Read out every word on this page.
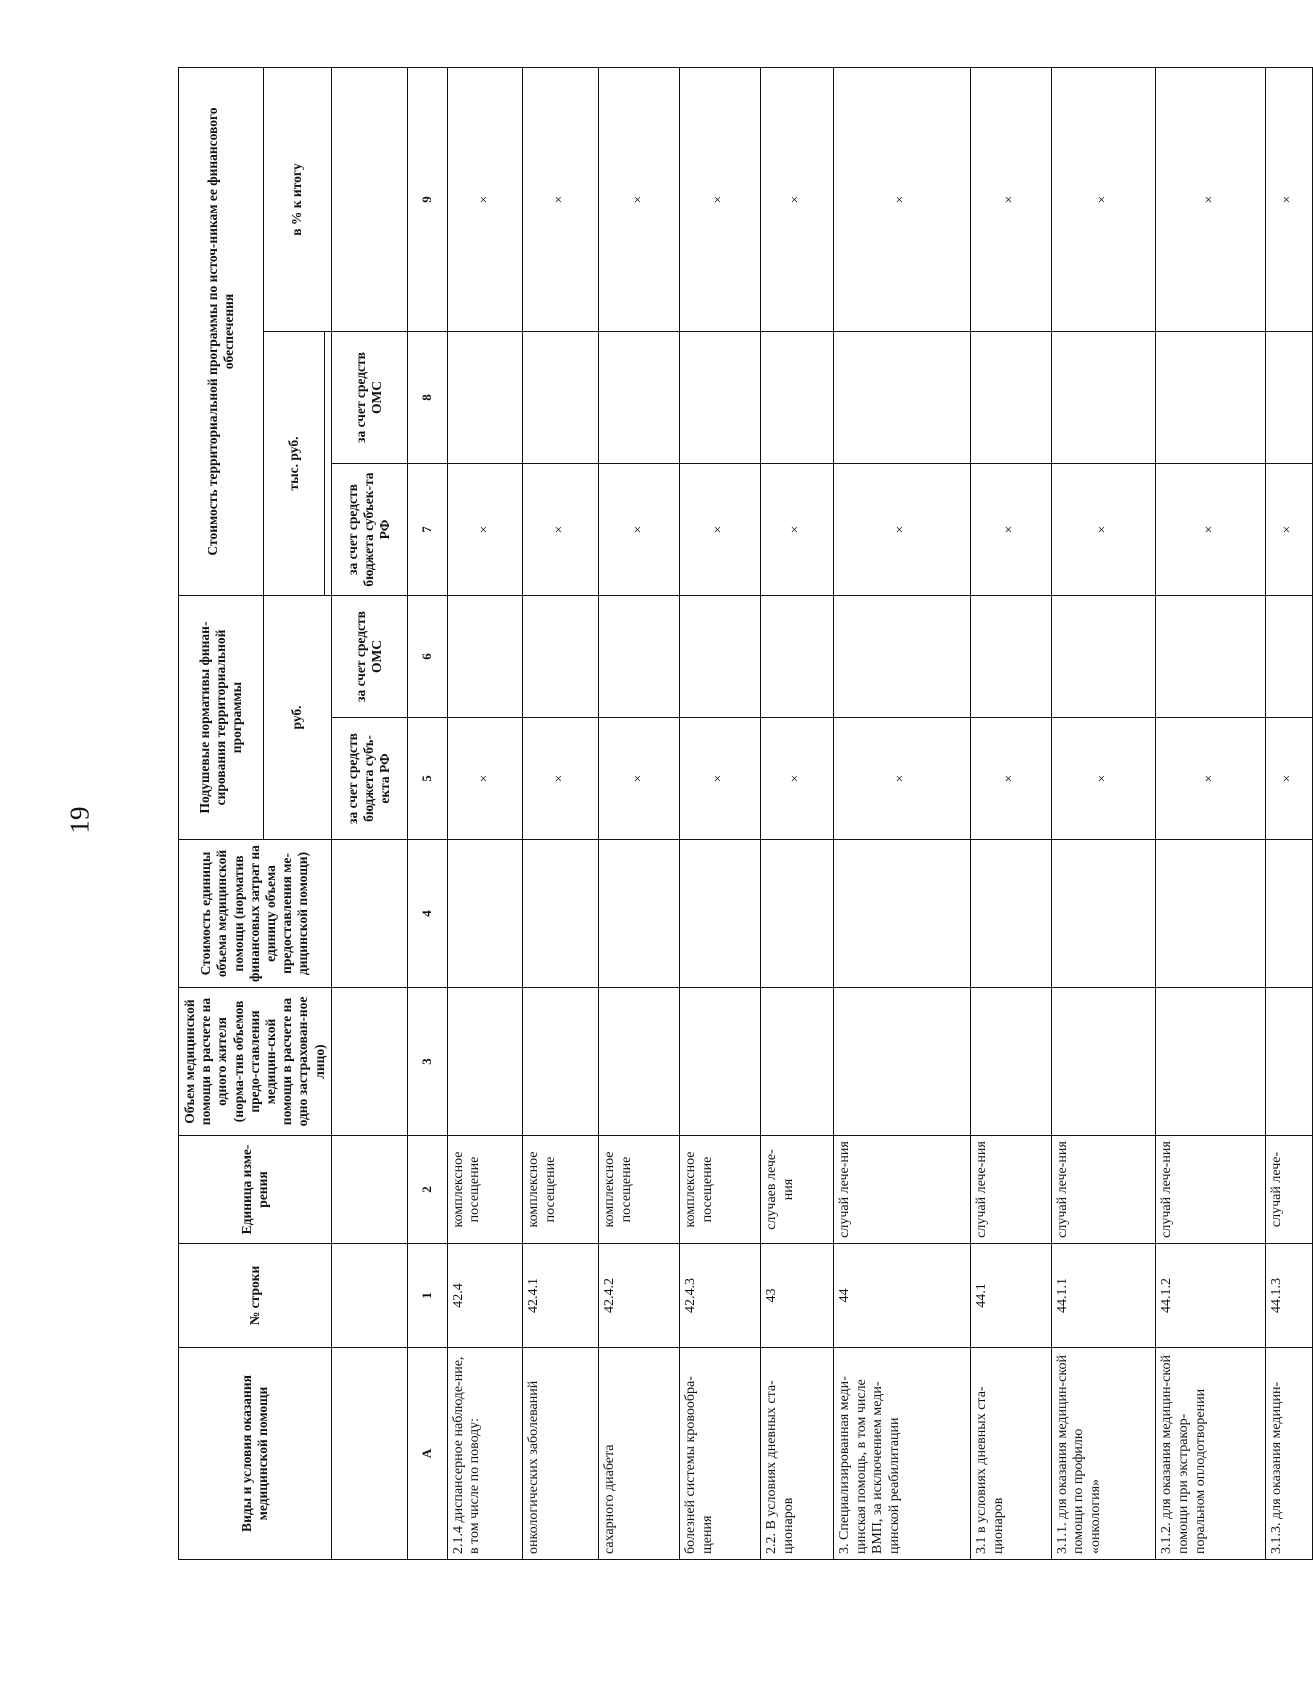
19
Виды и условия оказания медицинской помощи	№ строки	Единица изме-рения	Объем медицинской помощи в расчете на одного жителя (норма-тив объемов предо-ставления медицин-ской помощи в расчете на одно застрахован-ное лицо)	Стоимость единицы объема медицинской помощи (норматив финансовых затрат на единицу объема предоставления ме-дицинской помощи)	Подушевые нормативы финан-сирования территориальной программы		Стоимость территориальной программы по источ-никам ее финансового обеспечения		
					руб.		тыс. руб.		в % к итогу

					за счет средств бюджета субъ-екта РФ	за счет средств ОМС	за счет средств бюджета субъек-та РФ	за счет средств ОМС	
А	1	2	3	4	5	6	7	8	9
2.1.4 диспансерное наблюде-ние, в том числе по поводу:	42.4	комплексное посещение			×		×		×
онкологических заболеваний	42.4.1	комплексное посещение			×		×		×
сахарного диабета	42.4.2	комплексное посещение			×		×		×
болезней системы кровообра-щения	42.4.3	комплексное посещение			×		×		×
2.2. В условиях дневных ста-ционаров	43	случаев лече-ния			×		×		×
3. Специализированная меди-цинская помощь, в том числе ВМП, за исключением меди-цинской реабилитации	44	случай лече-ния			×		×		×
3.1 в условиях дневных ста-ционаров	44.1	случай лече-ния			×		×		×
3.1.1. для оказания медицин-ской помощи по профилю «онкология»	44.1.1	случай лече-ния			×		×		×
3.1.2. для оказания медицин-ской помощи при экстракор-поральном оплодотворении	44.1.2	случай лече-ния			×		×		×
3.1.3. для оказания медицин-	44.1.3	случай лече-			×		×		×
